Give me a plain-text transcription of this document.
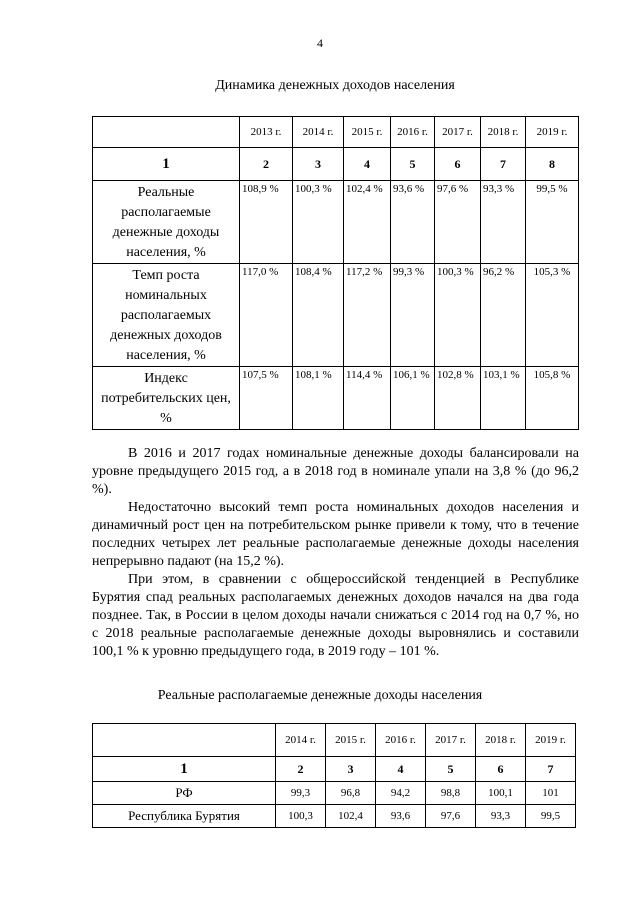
4
Динамика денежных доходов населения
	2013 г.	2014 г.	2015 г.	2016 г.	2017 г.	2018 г.	2019 г.
1	2	3	4	5	6	7	8
Реальные располагаемые денежные доходы населения, %	108,9 %	100,3 %	102,4 %	93,6 %	97,6 %	93,3 %	99,5 %
Темп роста номинальных располагаемых денежных доходов населения, %	117,0 %	108,4 %	117,2 %	99,3 %	100,3 %	96,2 %	105,3 %
Индекс потребительских цен, %	107,5 %	108,1 %	114,4 %	106,1 %	102,8 %	103,1 %	105,8 %

В 2016 и 2017 годах номинальные денежные доходы балансировали на уровне предыдущего 2015 год, а в 2018 год в номинале упали на 3,8 % (до 96,2 %).

Недостаточно высокий темп роста номинальных доходов населения и динамичный рост цен на потребительском рынке привели к тому, что в течение последних четырех лет реальные располагаемые денежные доходы населения непрерывно падают (на 15,2 %).

При этом, в сравнении с общероссийской тенденцией в Республике Бурятия спад реальных располагаемых денежных доходов начался на два года позднее. Так, в России в целом доходы начали снижаться с 2014 год на 0,7 %, но с 2018 реальные располагаемые денежные доходы выровнялись и составили 100,1 % к уровню предыдущего года, в 2019 году – 101 %.

Реальные располагаемые денежные доходы населения
	2014 г.	2015 г.	2016 г.	2017 г.	2018 г.	2019 г.
1	2	3	4	5	6	7
РФ	99,3	96,8	94,2	98,8	100,1	101
Республика Бурятия	100,3	102,4	93,6	97,6	93,3	99,5
